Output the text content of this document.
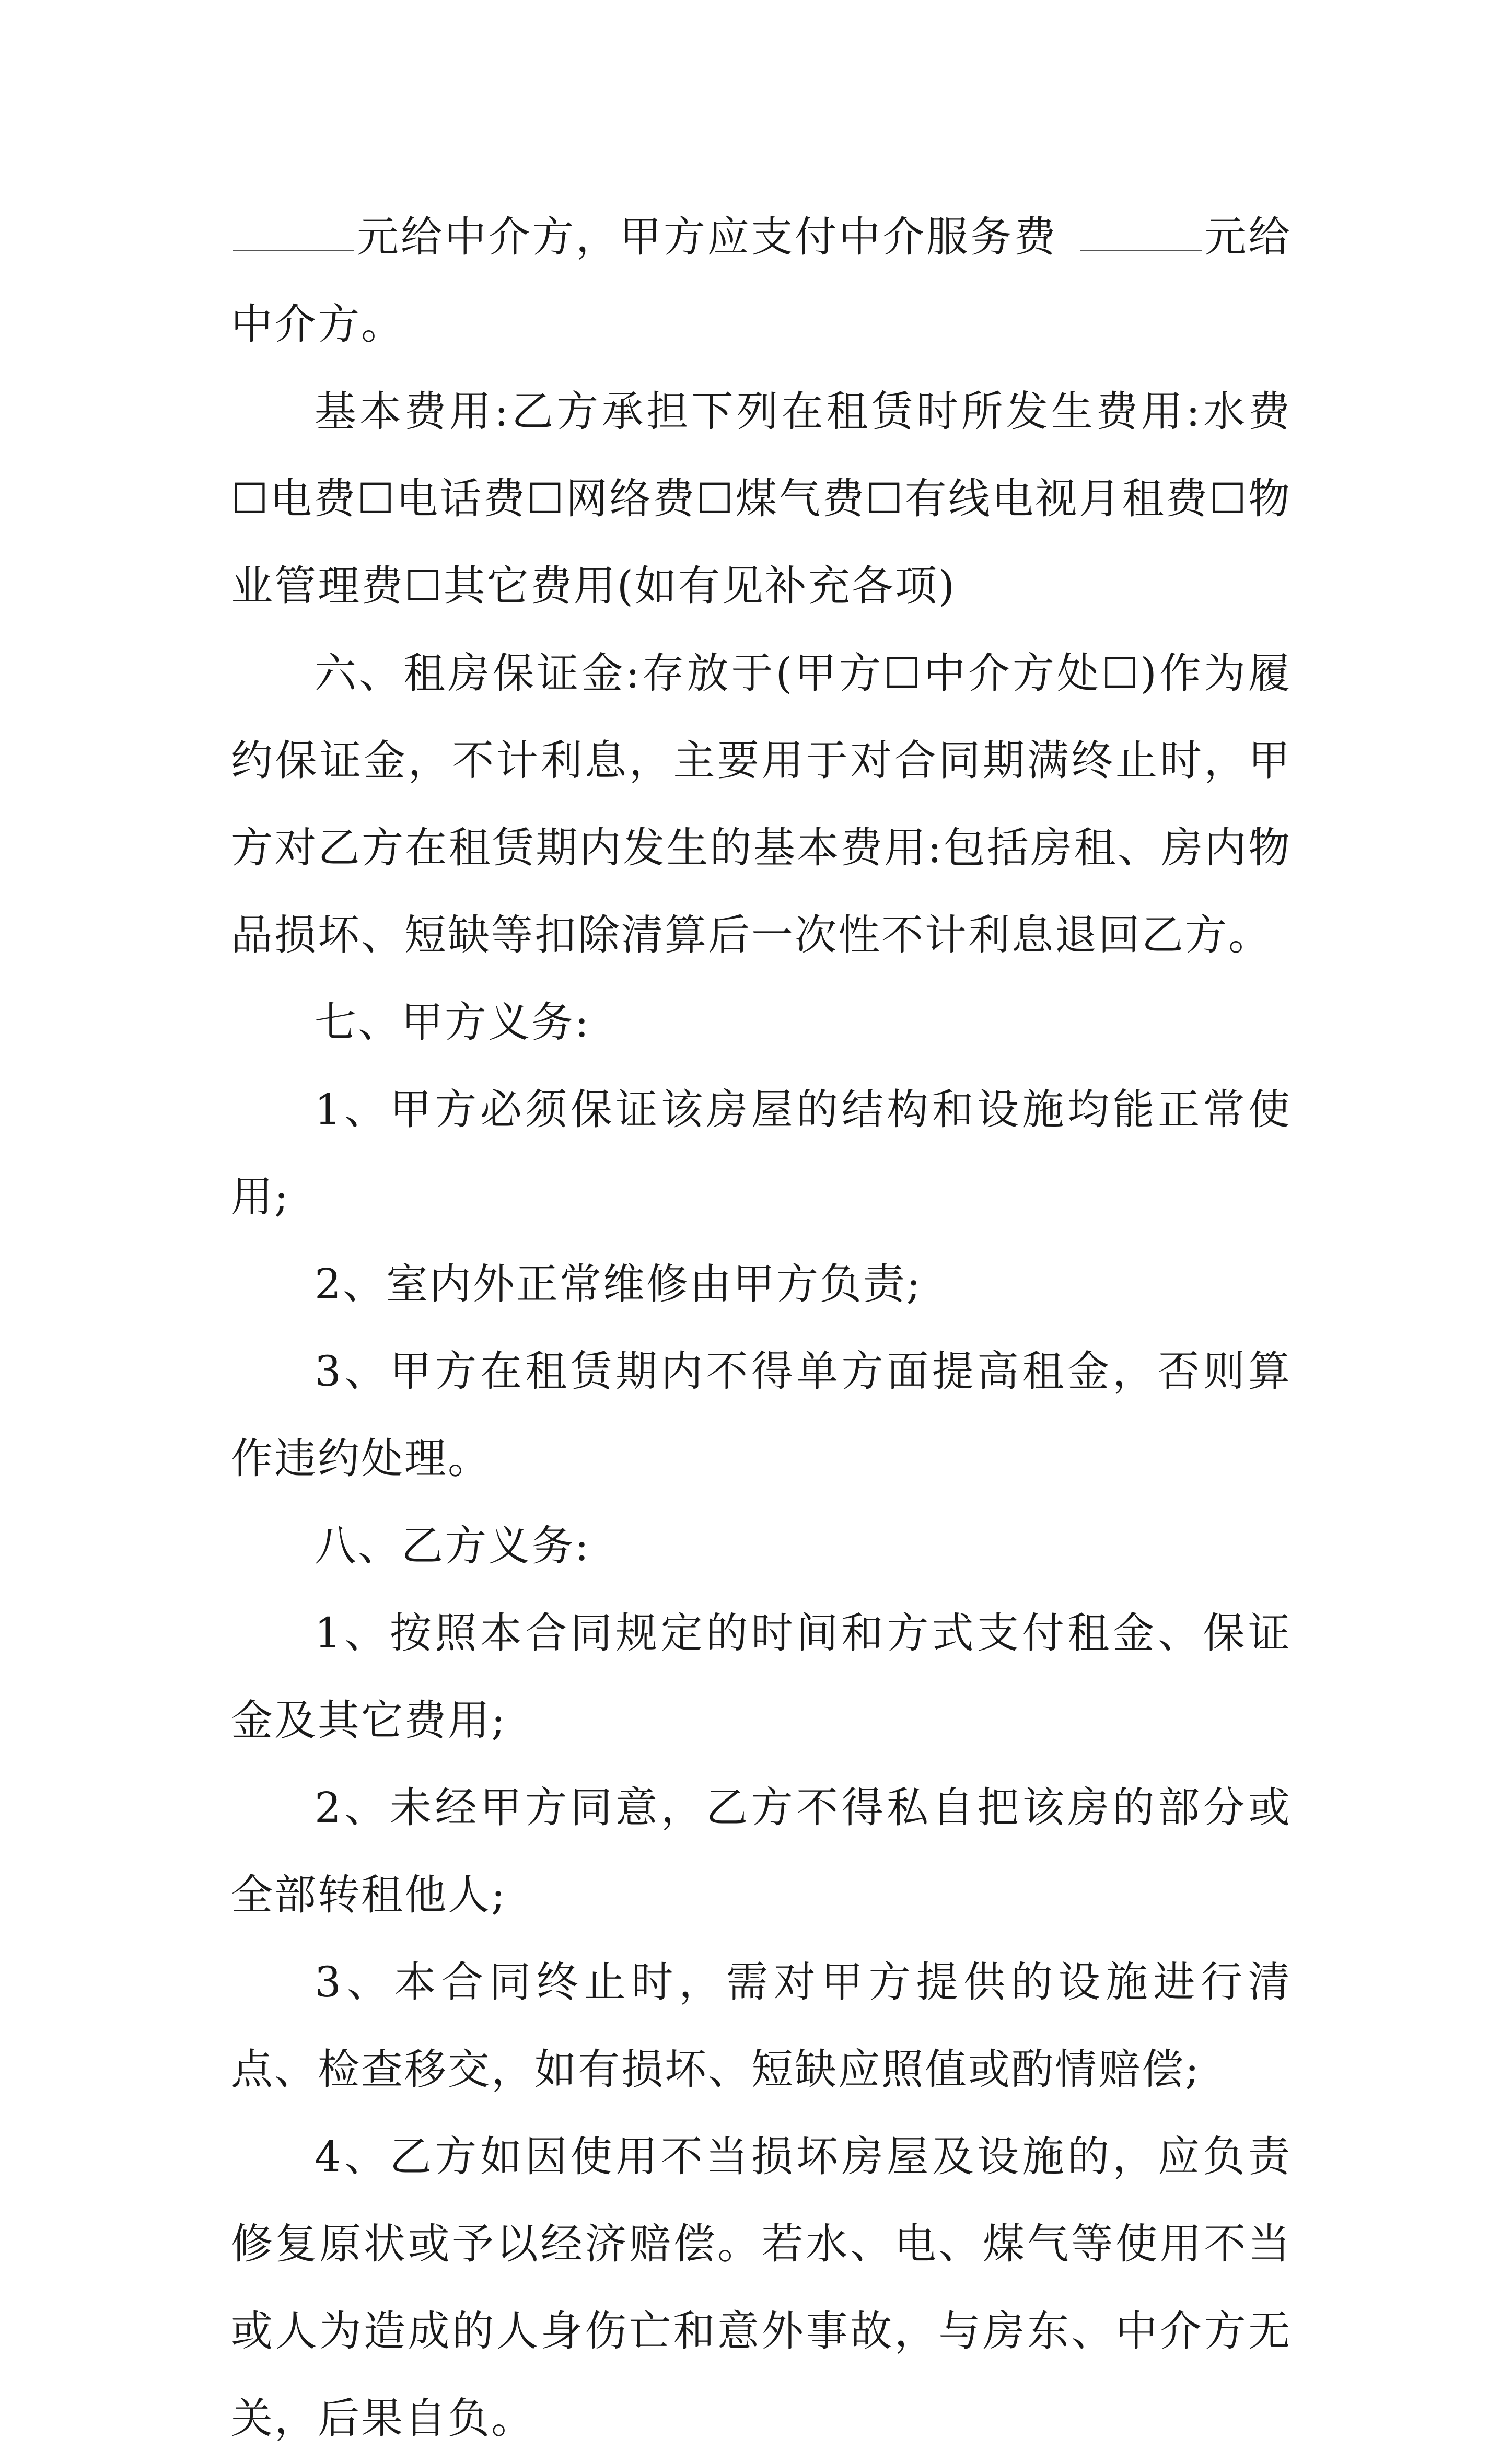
元给中介方，甲方应支付中介服务费	元给中介方。

基本费用:乙方承担下列在租赁时所发生费用:水费☐电费☐电话费☐网络费☐煤气费☐有线电视月租费☐物业管理费☐其它费用(如有见补充各项)

六、租房保证金:存放于(甲方☐中介方处☐)作为履约保证金，不计利息，主要用于对合同期满终止时，甲方对乙方在租赁期内发生的基本费用:包括房租、房内物品损坏、短缺等扣除清算后一次性不计利息退回乙方。

七、甲方义务:

1、甲方必须保证该房屋的结构和设施均能正常使用;

2、室内外正常维修由甲方负责;

3、甲方在租赁期内不得单方面提高租金，否则算作违约处理。

八、乙方义务:

1、按照本合同规定的时间和方式支付租金、保证金及其它费用;

2、未经甲方同意，乙方不得私自把该房的部分或全部转租他人;

3、本合同终止时，需对甲方提供的设施进行清点、检查移交，如有损坏、短缺应照值或酌情赔偿;

4、乙方如因使用不当损坏房屋及设施的，应负责修复原状或予以经济赔偿。若水、电、煤气等使用不当或人为造成的人身伤亡和意外事故，与房东、中介方无关，后果自负。
